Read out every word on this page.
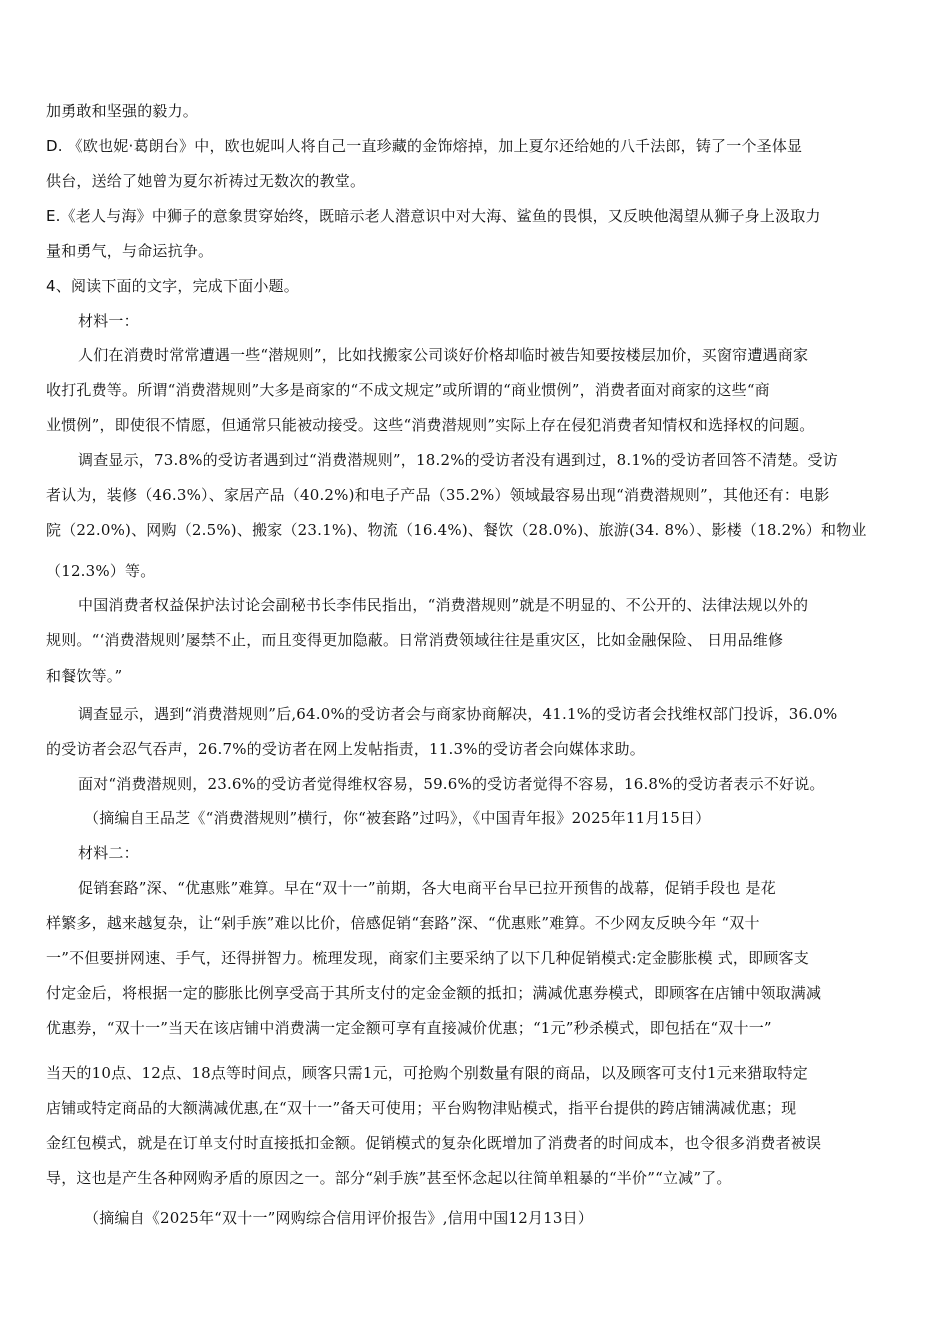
加勇敢和坚强的毅力。
D. 《欧也妮·葛朗台》中，欧也妮叫人将自己一直珍藏的金饰熔掉，加上夏尔还给她的八千法郎，铸了一个圣体显
供台，送给了她曾为夏尔祈祷过无数次的教堂。
E.《老人与海》中狮子的意象贯穿始终，既暗示老人潜意识中对大海、鲨鱼的畏惧，又反映他渴望从狮子身上汲取力
量和勇气，与命运抗争。
4、阅读下面的文字，完成下面小题。
材料一：
人们在消费时常常遭遇一些“潜规则”，比如找搬家公司谈好价格却临时被告知要按楼层加价，买窗帘遭遇商家
收打孔费等。所谓“消费潜规则”大多是商家的“不成文规定”或所谓的“商业惯例”，消费者面对商家的这些“商
业惯例”，即使很不情愿，但通常只能被动接受。这些“消费潜规则”实际上存在侵犯消费者知情权和选择权的问题。
调查显示，73.8%的受访者遇到过“消费潜规则”，18.2%的受访者没有遇到过，8.1%的受访者回答不清楚。受访
者认为，装修（46.3%）、家居产品（40.2%)和电子产品（35.2%）领域最容易出现“消费潜规则”，其他还有：电影
院（22.0%)、网购（2.5%)、搬家（23.1%)、物流（16.4%)、餐饮（28.0%)、旅游(34. 8%）、影楼（18.2%）和物业
（12.3%）等。
中国消费者权益保护法讨论会副秘书长李伟民指出，“消费潜规则”就是不明显的、不公开的、法律法规以外的
规则。“‘消费潜规则’屡禁不止，而且变得更加隐蔽。日常消费领域往往是重灾区，比如金融保险、 日用品维修
和餐饮等。”
调查显示，遇到“消费潜规则”后,64.0%的受访者会与商家协商解决，41.1%的受访者会找维权部门投诉，36.0%
的受访者会忍气吞声，26.7%的受访者在网上发帖指责，11.3%的受访者会向媒体求助。
面对“消费潜规则，23.6%的受访者觉得维权容易，59.6%的受访者觉得不容易，16.8%的受访者表示不好说。
（摘编自王品芝《“消费潜规则”横行，你“被套路”过吗》，《中国青年报》2025年11月15日）
材料二：
促销套路”深、“优惠账”难算。早在“双十一”前期，各大电商平台早已拉开预售的战幕，促销手段也 是花
样繁多，越来越复杂，让“剁手族”难以比价，倍感促销“套路”深、“优惠账”难算。不少网友反映今年 “双十
一”不但要拼网速、手气，还得拼智力。梳理发现，商家们主要采纳了以下几种促销模式:定金膨胀模 式，即顾客支
付定金后，将根据一定的膨胀比例享受高于其所支付的定金金额的抵扣；满减优惠券模式，即顾客在店铺中领取满减
优惠券，“双十一”当天在该店铺中消费满一定金额可享有直接减价优惠；“1元”秒杀模式，即包括在“双十一”
当天的10点、12点、18点等时间点，顾客只需1元，可抢购个别数量有限的商品，以及顾客可支付1元来猎取特定
店铺或特定商品的大额满减优惠,在“双十一”备天可使用；平台购物津贴模式，指平台提供的跨店铺满减优惠；现
金红包模式，就是在订单支付时直接抵扣金额。促销模式的复杂化既增加了消费者的时间成本，也令很多消费者被误
导，这也是产生各种网购矛盾的原因之一。部分“剁手族”甚至怀念起以往简单粗暴的“半价”“立减”了。
（摘编自《2025年“双十一”网购综合信用评价报告》,信用中国12月13日）
